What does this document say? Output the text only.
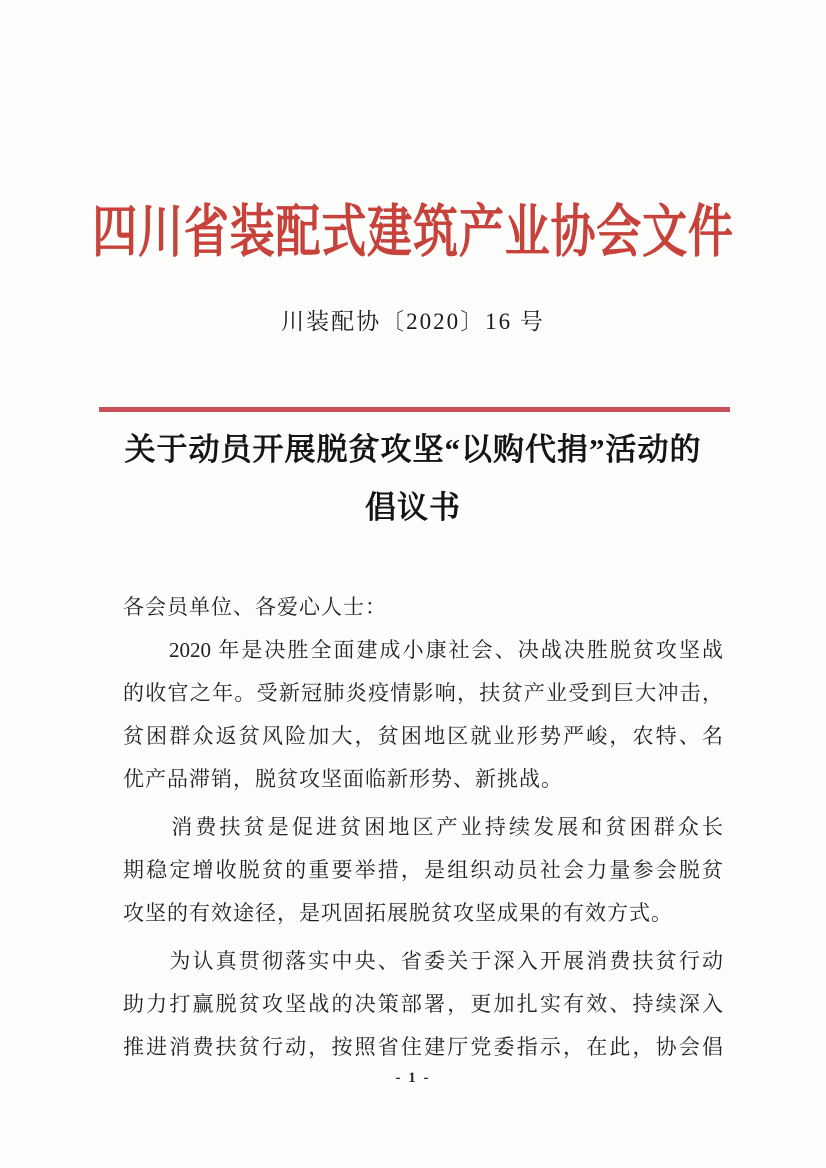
四川省装配式建筑产业协会文件
川装配协〔2020〕16 号
关于动员开展脱贫攻坚“以购代捐”活动的
倡议书
各会员单位、各爱心人士：
　　2020 年是决胜全面建成小康社会、决战决胜脱贫攻坚战
的收官之年。受新冠肺炎疫情影响，扶贫产业受到巨大冲击，
贫困群众返贫风险加大，贫困地区就业形势严峻，农特、名
优产品滞销，脱贫攻坚面临新形势、新挑战。
　　消费扶贫是促进贫困地区产业持续发展和贫困群众长
期稳定增收脱贫的重要举措，是组织动员社会力量参会脱贫
攻坚的有效途径，是巩固拓展脱贫攻坚成果的有效方式。
　　为认真贯彻落实中央、省委关于深入开展消费扶贫行动
助力打赢脱贫攻坚战的决策部署，更加扎实有效、持续深入
推进消费扶贫行动，按照省住建厅党委指示，在此，协会倡
- 1 -
